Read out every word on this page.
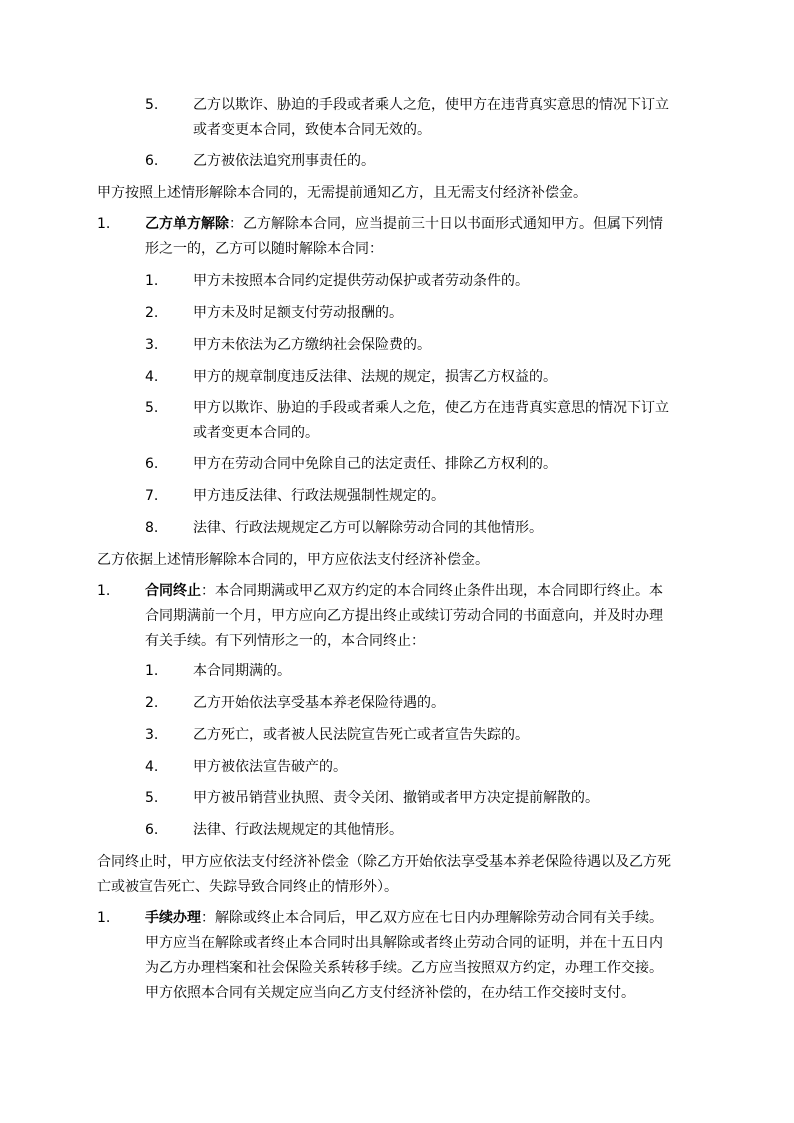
5. 乙方以欺诈、胁迫的手段或者乘人之危，使甲方在违背真实意思的情况下订立
或者变更本合同，致使本合同无效的。
6. 乙方被依法追究刑事责任的。
甲方按照上述情形解除本合同的，无需提前通知乙方，且无需支付经济补偿金。
1. 乙方单方解除：乙方解除本合同，应当提前三十日以书面形式通知甲方。但属下列情
形之一的，乙方可以随时解除本合同：
1. 甲方未按照本合同约定提供劳动保护或者劳动条件的。
2. 甲方未及时足额支付劳动报酬的。
3. 甲方未依法为乙方缴纳社会保险费的。
4. 甲方的规章制度违反法律、法规的规定，损害乙方权益的。
5. 甲方以欺诈、胁迫的手段或者乘人之危，使乙方在违背真实意思的情况下订立
或者变更本合同的。
6. 甲方在劳动合同中免除自己的法定责任、排除乙方权利的。
7. 甲方违反法律、行政法规强制性规定的。
8. 法律、行政法规规定乙方可以解除劳动合同的其他情形。
乙方依据上述情形解除本合同的，甲方应依法支付经济补偿金。
1. 合同终止：本合同期满或甲乙双方约定的本合同终止条件出现，本合同即行终止。本
合同期满前一个月，甲方应向乙方提出终止或续订劳动合同的书面意向，并及时办理
有关手续。有下列情形之一的，本合同终止：
1. 本合同期满的。
2. 乙方开始依法享受基本养老保险待遇的。
3. 乙方死亡，或者被人民法院宣告死亡或者宣告失踪的。
4. 甲方被依法宣告破产的。
5. 甲方被吊销营业执照、责令关闭、撤销或者甲方决定提前解散的。
6. 法律、行政法规规定的其他情形。
合同终止时，甲方应依法支付经济补偿金（除乙方开始依法享受基本养老保险待遇以及乙方死
亡或被宣告死亡、失踪导致合同终止的情形外）。
1. 手续办理：解除或终止本合同后，甲乙双方应在七日内办理解除劳动合同有关手续。
甲方应当在解除或者终止本合同时出具解除或者终止劳动合同的证明，并在十五日内
为乙方办理档案和社会保险关系转移手续。乙方应当按照双方约定，办理工作交接。
甲方依照本合同有关规定应当向乙方支付经济补偿的，在办结工作交接时支付。
